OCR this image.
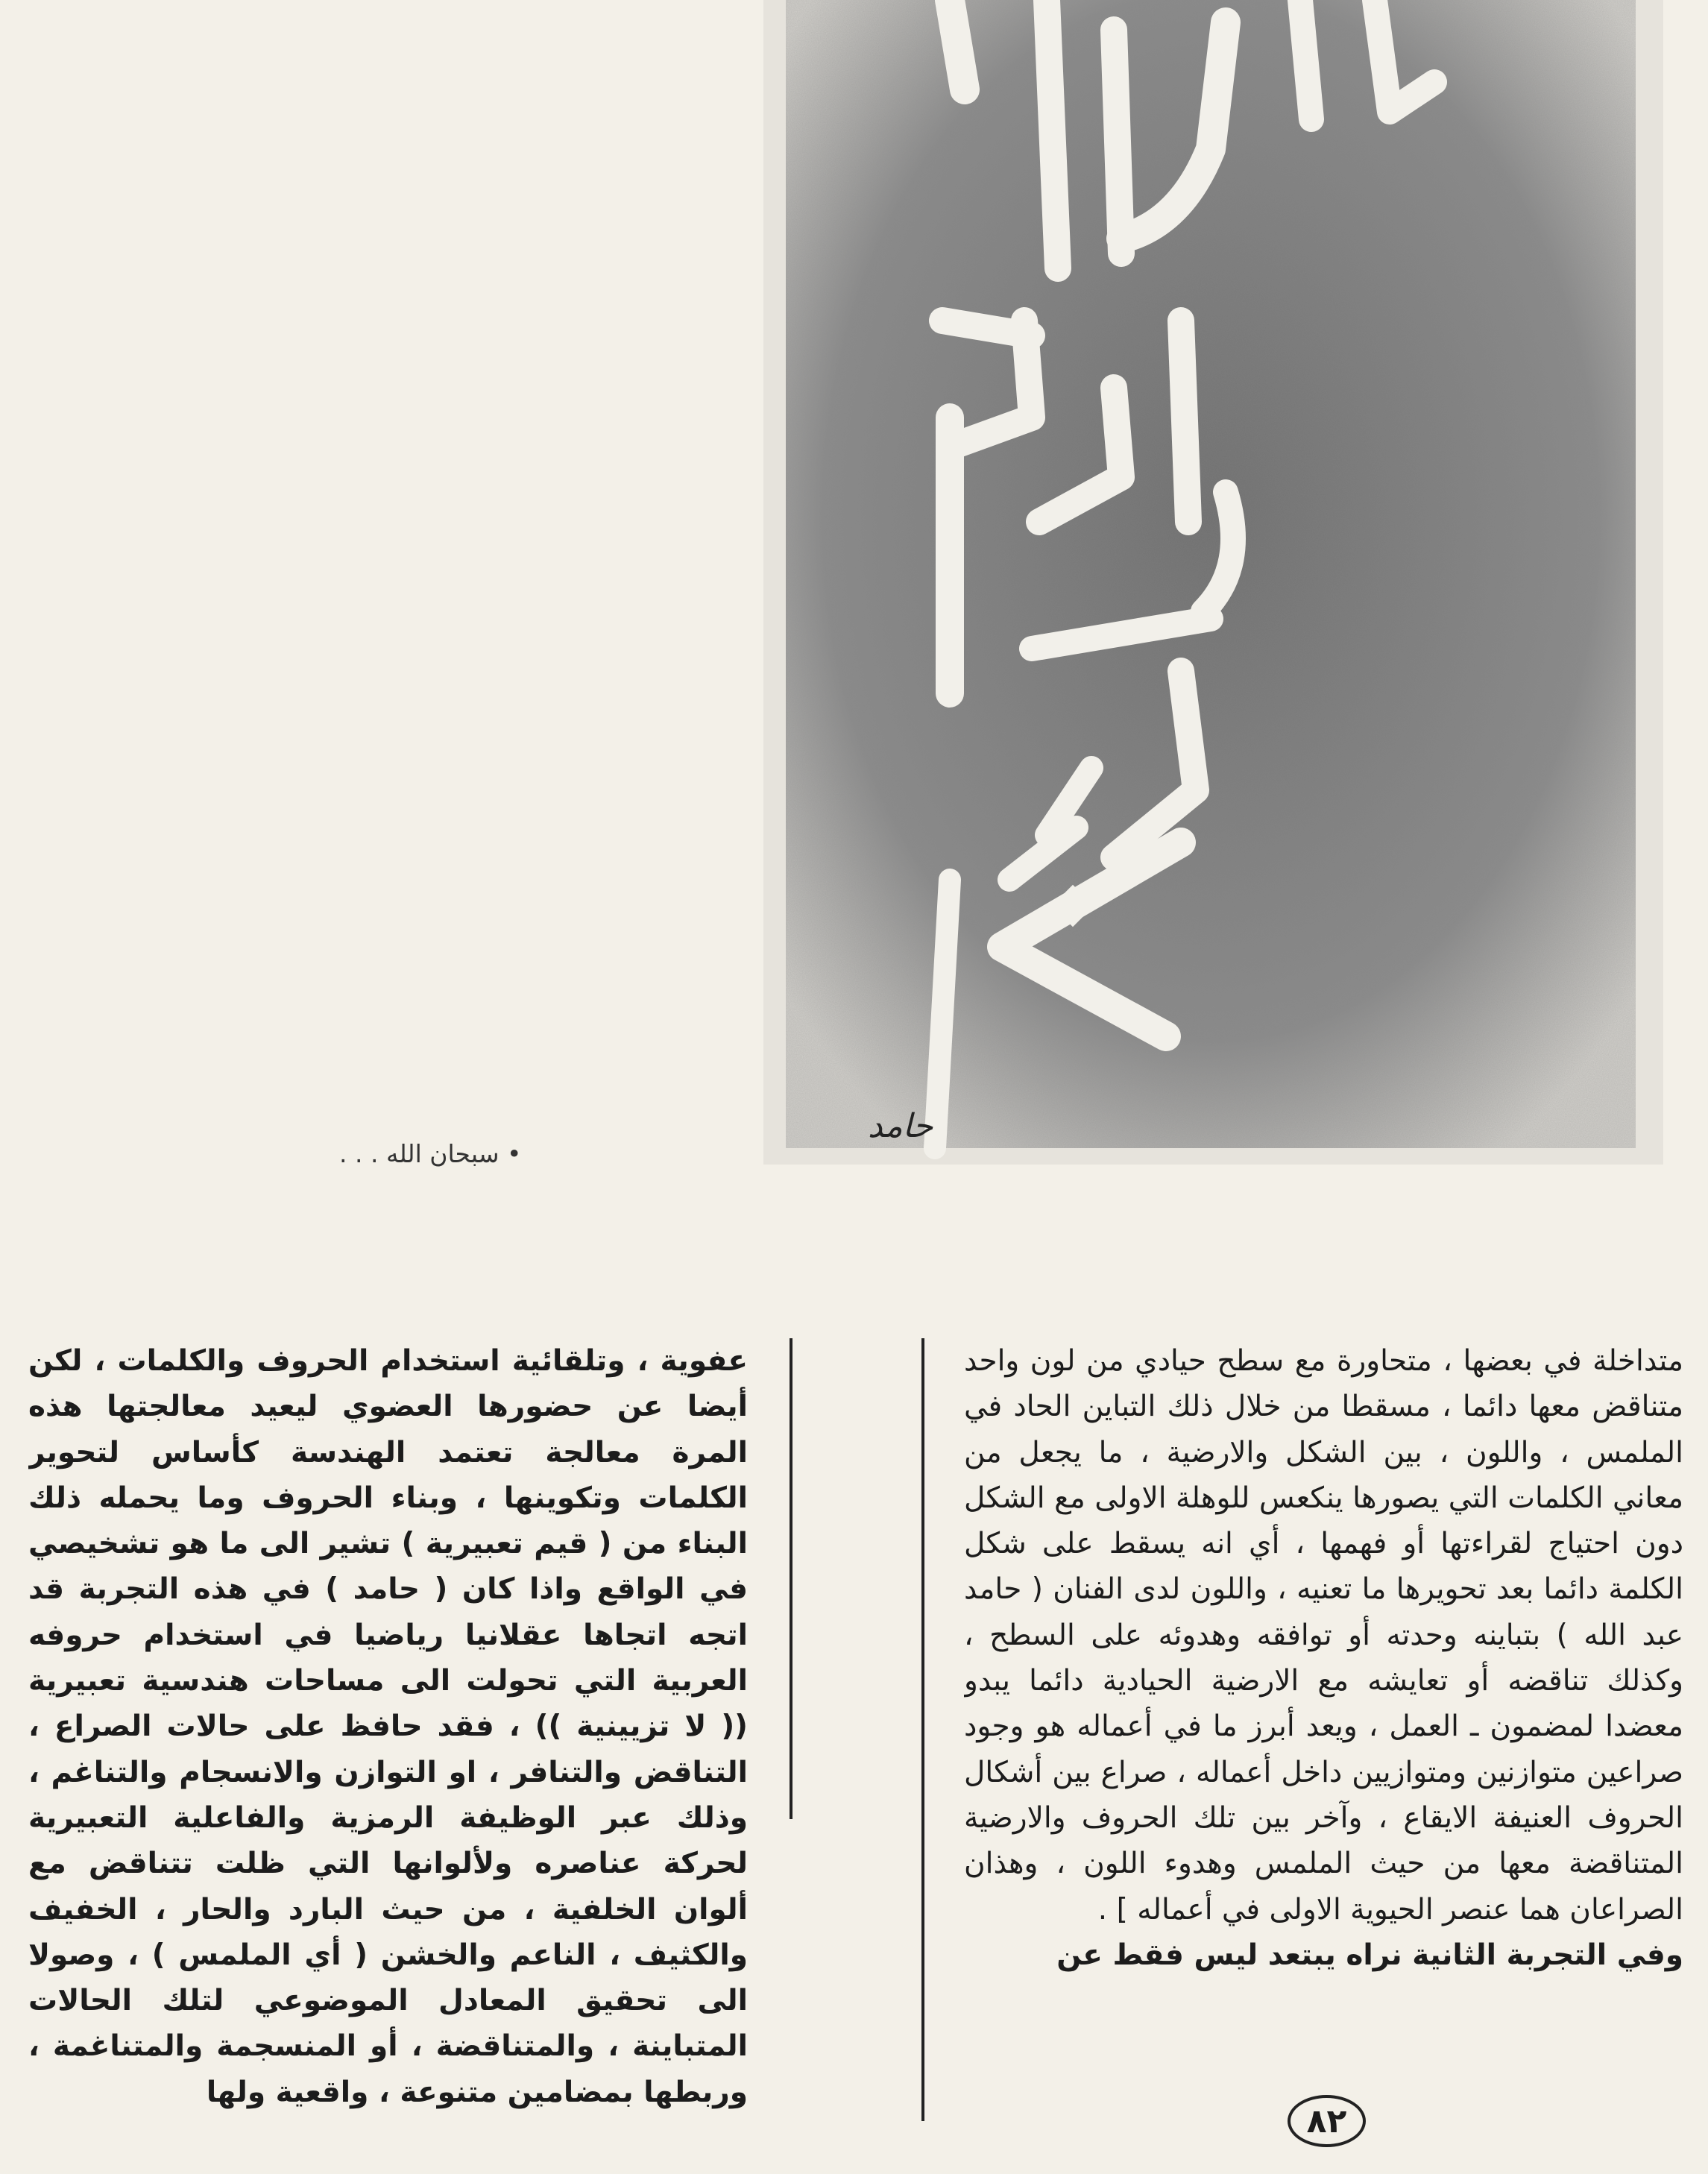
حامد
• سبحان الله . . .

متداخلة في بعضها ، متحاورة مع سطح حيادي من لون واحد متناقض معها دائما ، مسقطا من خلال ذلك التباين الحاد في الملمس ، واللون ، بين الشكل والارضية ، ما يجعل من معاني الكلمات التي يصورها ينكعس للوهلة الاولى مع الشكل دون احتياج لقراءتها أو فهمها ، أي انه يسقط على شكل الكلمة دائما بعد تحويرها ما تعنيه ، واللون لدى الفنان ( حامد عبد الله ) بتباينه وحدته أو توافقه وهدوئه على السطح ، وكذلك تناقضه أو تعايشه مع الارضية الحيادية دائما يبدو معضدا لمضمون ـ العمل ، ويعد أبرز ما في أعماله هو وجود صراعين متوازنين ومتوازيين داخل أعماله ، صراع بين أشكال الحروف العنيفة الايقاع ، وآخر بين تلك الحروف والارضية المتناقضة معها من حيث الملمس وهدوء اللون ، وهذان الصراعان هما عنصر الحيوية الاولى في أعماله ] .

وفي التجربة الثانية نراه يبتعد ليس فقط عن

عفوية ، وتلقائية استخدام الحروف والكلمات ، لكن أيضا عن حضورها العضوي ليعيد معالجتها هذه المرة معالجة تعتمد الهندسة كأساس لتحوير الكلمات وتكوينها ، وبناء الحروف وما يحمله ذلك البناء من ( قيم تعبيرية ) تشير الى ما هو تشخيصي في الواقع واذا كان ( حامد ) في هذه التجربة قد اتجه اتجاها عقلانيا رياضيا في استخدام حروفه العربية التي تحولت الى مساحات هندسية تعبيرية (( لا تزيينية )) ، فقد حافظ على حالات الصراع ، التناقض والتنافر ، او التوازن والانسجام والتناغم ، وذلك عبر الوظيفة الرمزية والفاعلية التعبيرية لحركة عناصره ولألوانها التي ظلت تتناقض مع ألوان الخلفية ، من حيث البارد والحار ، الخفيف والكثيف ، الناعم والخشن ( أي الملمس ) ، وصولا الى تحقيق المعادل الموضوعي لتلك الحالات المتباينة ، والمتناقضة ، أو المنسجمة والمتناغمة ، وربطها بمضامين متنوعة ، واقعية ولها

٨٢
